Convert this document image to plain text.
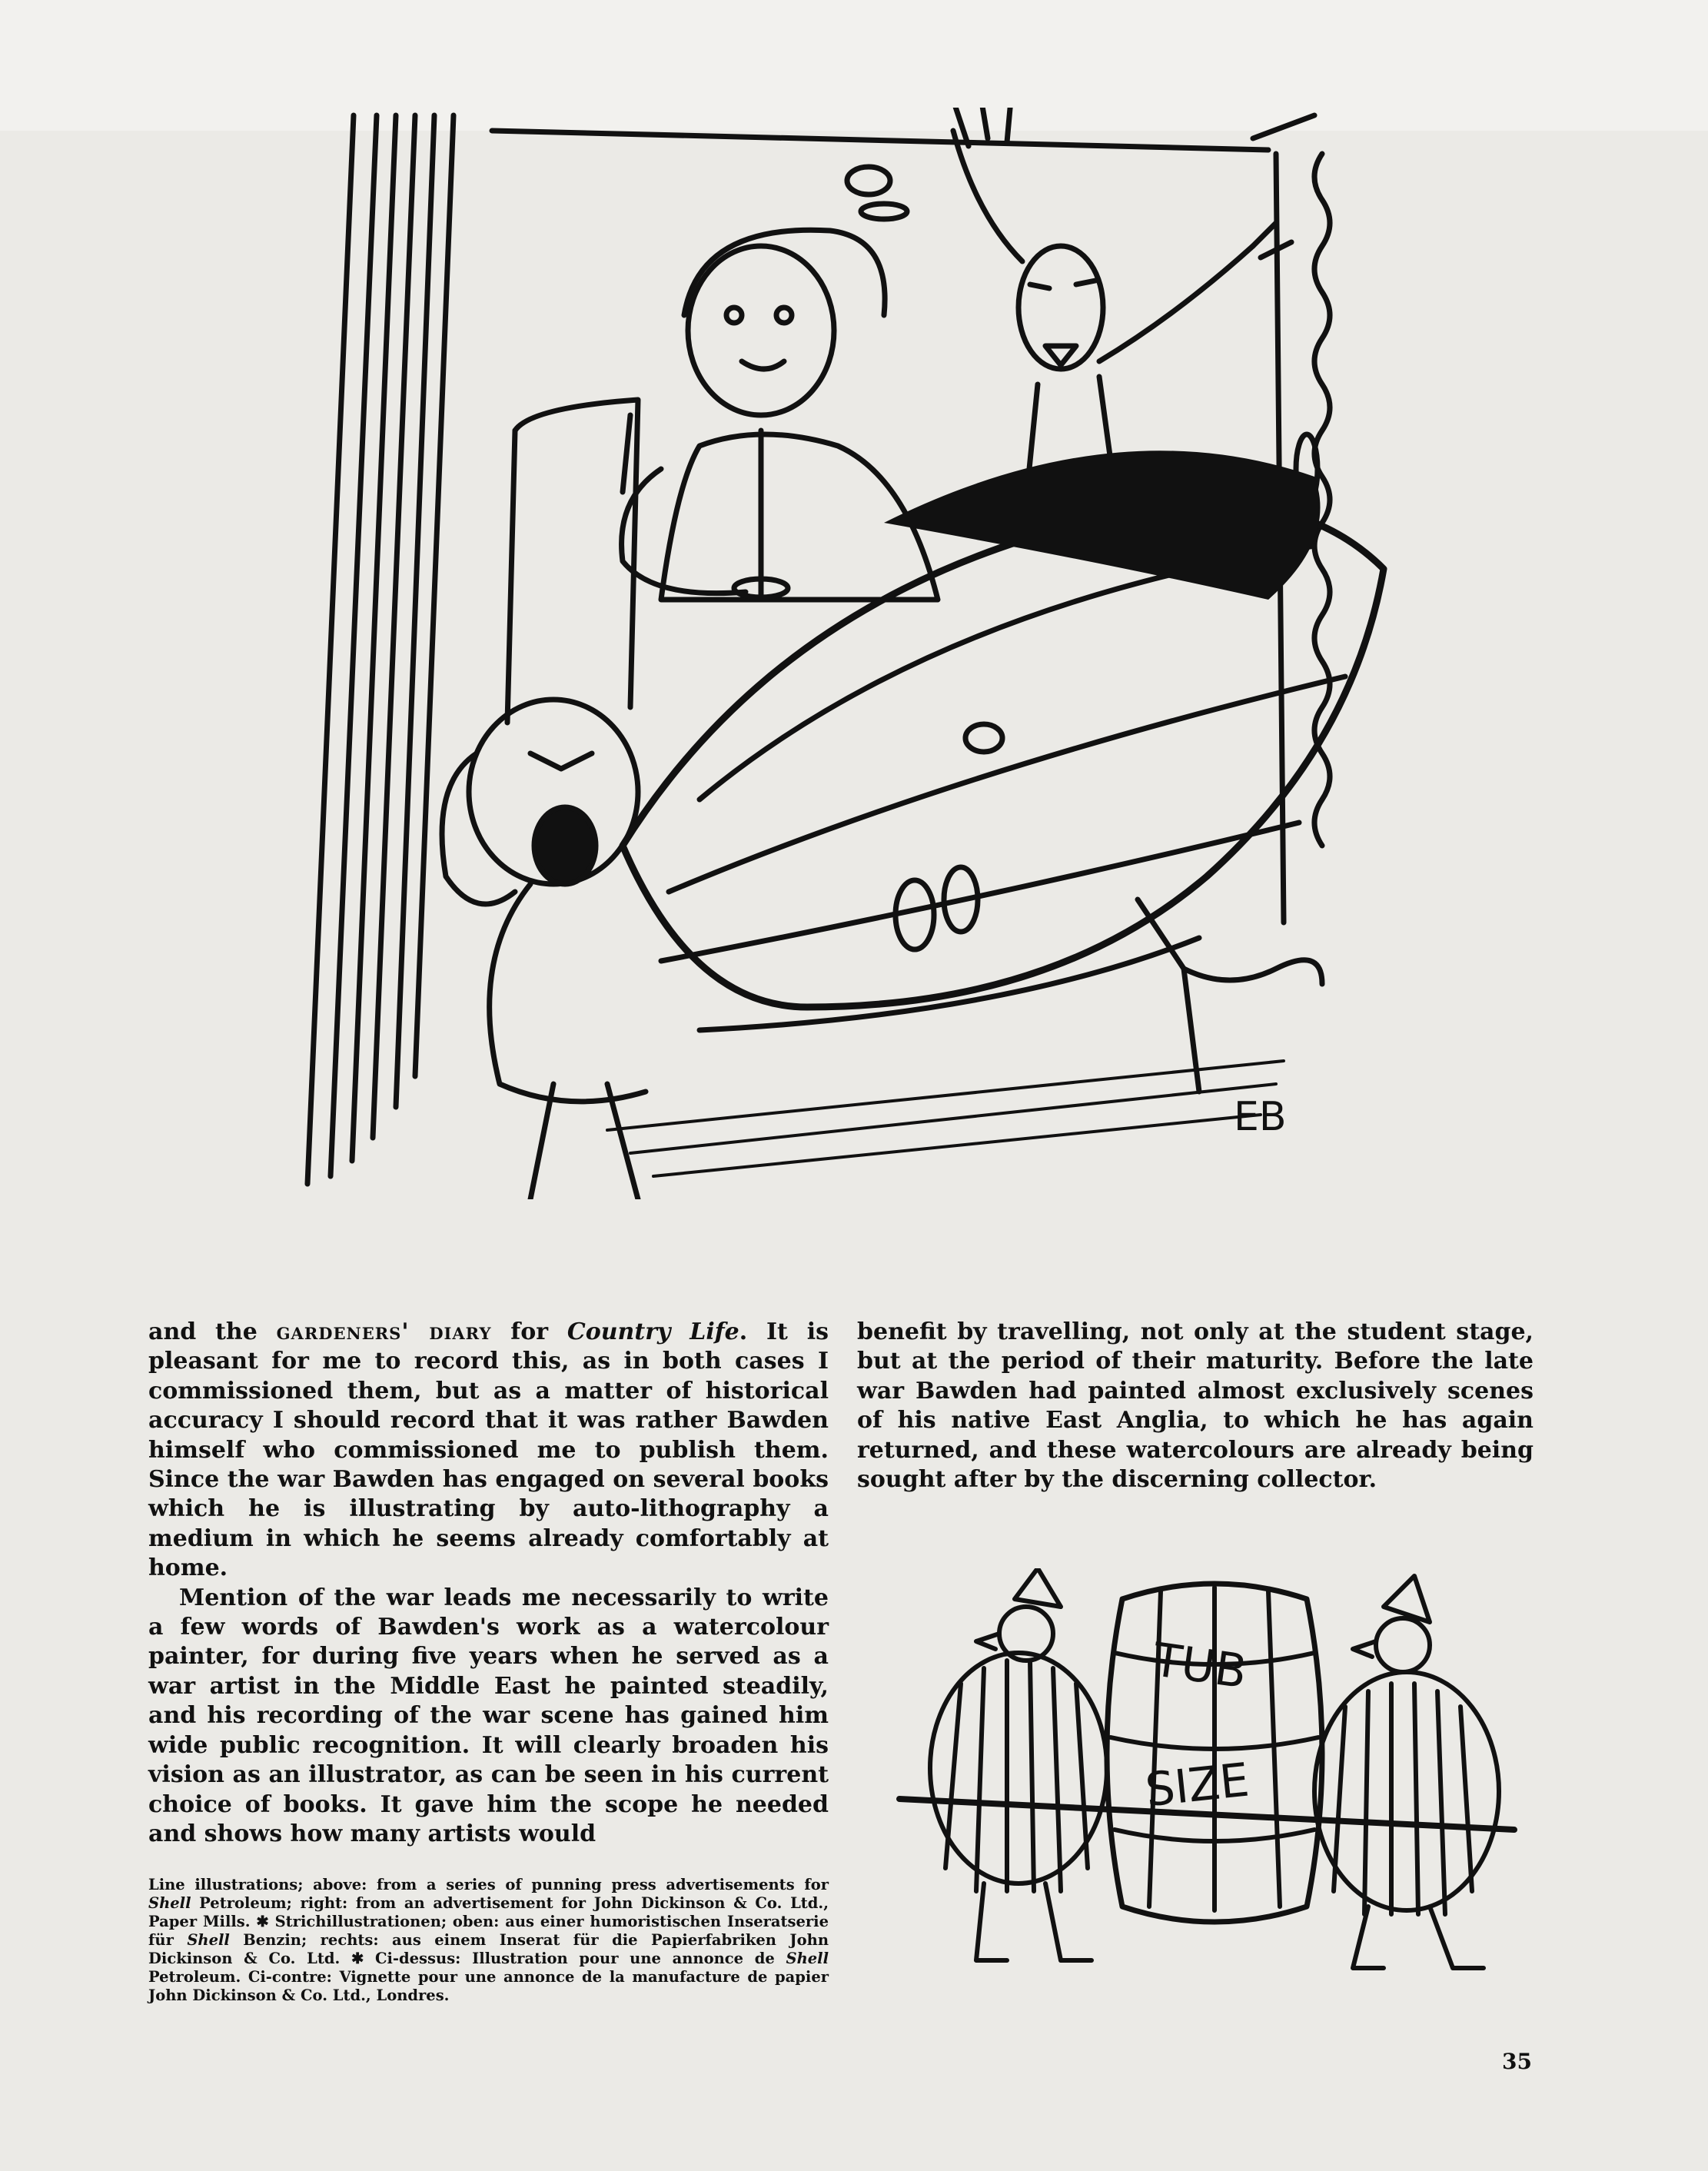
EB

and the gardeners' diary for Country Life. It is pleasant for me to record this, as in both cases I commissioned them, but as a matter of historical accuracy I should record that it was rather Bawden himself who commissioned me to publish them. Since the war Bawden has engaged on several books which he is illustrating by auto-lithography a medium in which he seems already comfortably at home.

Mention of the war leads me necessarily to write a few words of Bawden's work as a watercolour painter, for during five years when he served as a war artist in the Middle East he painted steadily, and his recording of the war scene has gained him wide public recognition. It will clearly broaden his vision as an illustrator, as can be seen in his current choice of books. It gave him the scope he needed and shows how many artists would

benefit by travelling, not only at the student stage, but at the period of their maturity. Before the late war Bawden had painted almost exclusively scenes of his native East Anglia, to which he has again returned, and these watercolours are already being sought after by the discerning collector.

TUB
SIZE
Line illustrations; above: from a series of punning press advertisements for Shell Petroleum; right: from an advertisement for John Dickinson & Co. Ltd., Paper Mills. ✱ Strichillustrationen; oben: aus einer humoristischen Inseratserie für Shell Benzin; rechts: aus einem Inserat für die Papierfabriken John Dickinson & Co. Ltd. ✱ Ci-dessus: Illustration pour une annonce de Shell Petroleum. Ci-contre: Vignette pour une annonce de la manufacture de papier John Dickinson & Co. Ltd., Londres.
35
